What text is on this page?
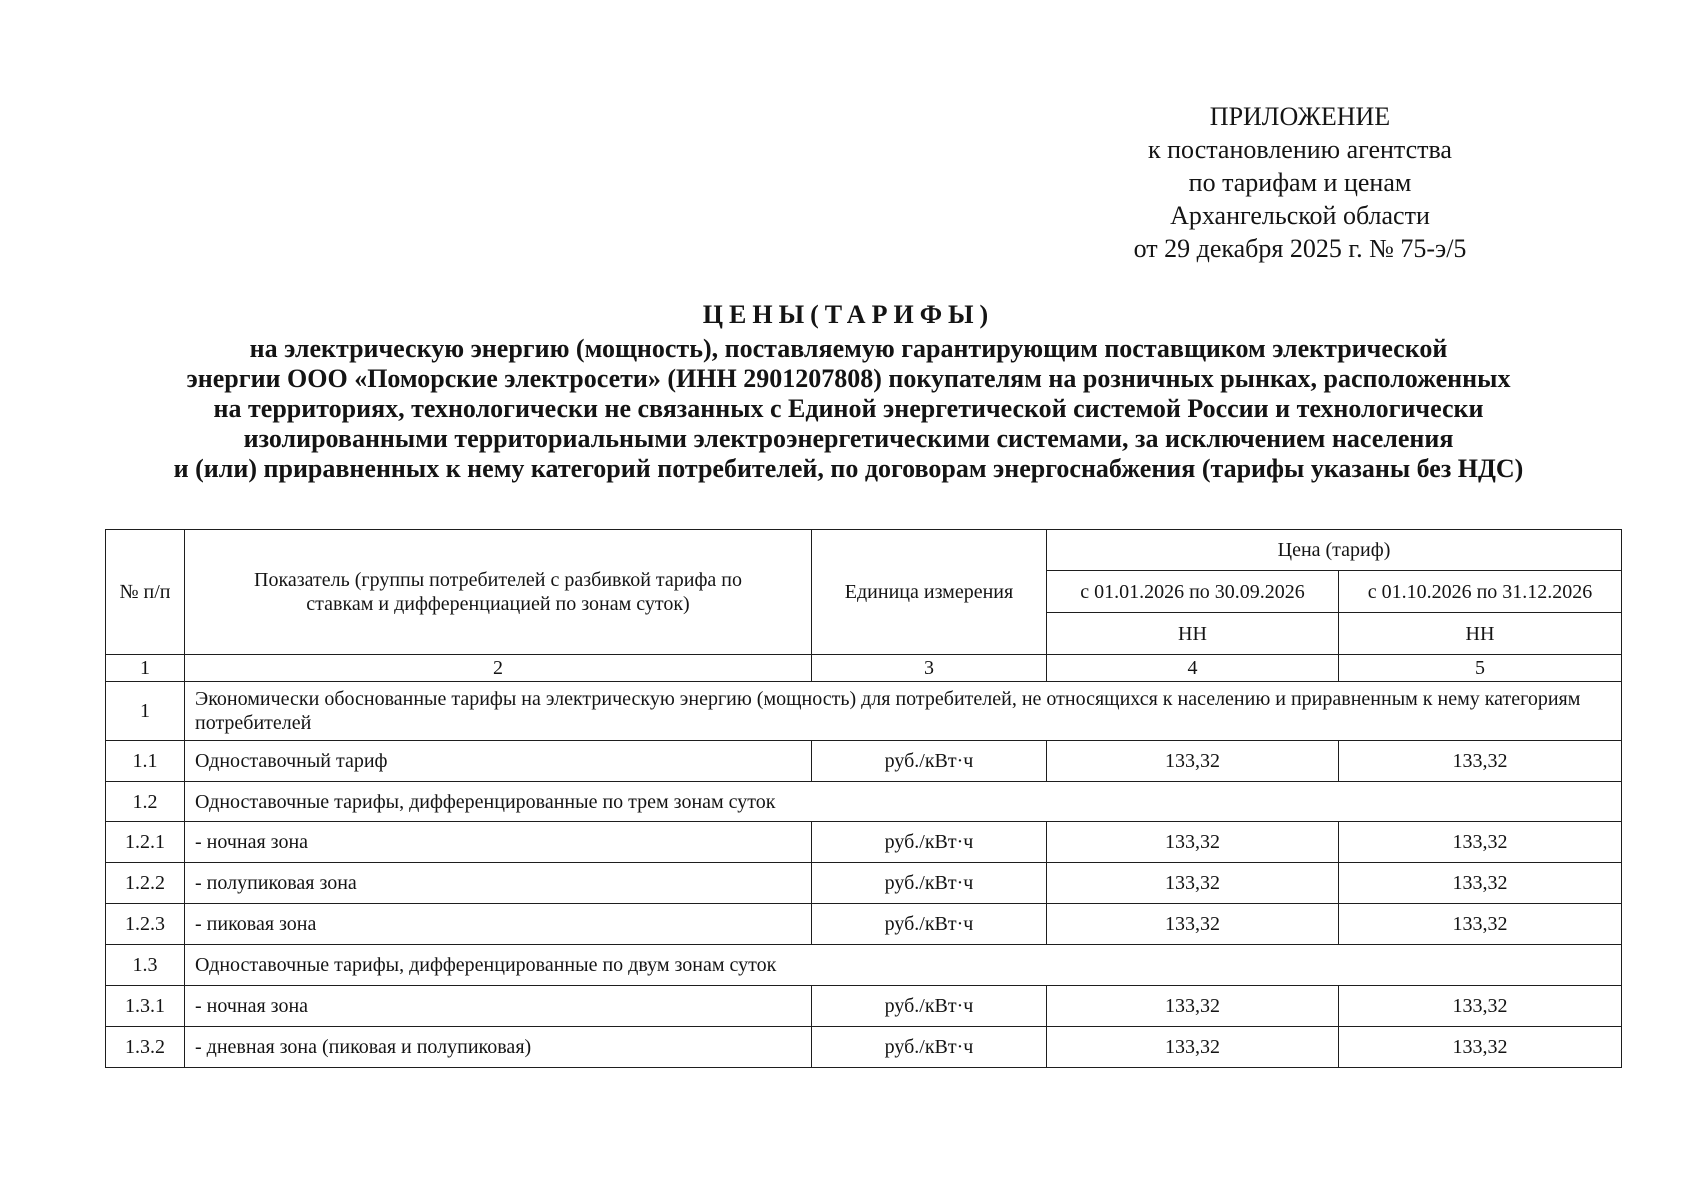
ПРИЛОЖЕНИЕ
к постановлению агентства
по тарифам и ценам
Архангельской области
от 29 декабря 2025 г. № 75-э/5
ЦЕНЫ(ТАРИФЫ)
на электрическую энергию (мощность), поставляемую гарантирующим поставщиком электрической
энергии ООО «Поморские электросети» (ИНН 2901207808) покупателям на розничных рынках, расположенных
на территориях, технологически не связанных с Единой энергетической системой России и технологически
изолированными территориальными электроэнергетическими системами, за исключением населения
и (или) приравненных к нему категорий потребителей, по договорам энергоснабжения (тарифы указаны без НДС)
№ п/п	Показатель (группы потребителей с разбивкой тарифа по ставкам и дифференциацией по зонам суток)	Единица измерения	Цена (тариф)	
			с 01.01.2026 по 30.09.2026	с 01.10.2026 по 31.12.2026
			НН	НН
1	2	3	4	5
1	Экономически обоснованные тарифы на электрическую энергию (мощность) для потребителей, не относящихся к населению и приравненным к нему категориям потребителей			
1.1	Одноставочный тариф	руб./кВт·ч	133,32	133,32
1.2	Одноставочные тарифы, дифференцированные по трем зонам суток			
1.2.1	- ночная зона	руб./кВт·ч	133,32	133,32
1.2.2	- полупиковая зона	руб./кВт·ч	133,32	133,32
1.2.3	- пиковая зона	руб./кВт·ч	133,32	133,32
1.3	Одноставочные тарифы, дифференцированные по двум зонам суток			
1.3.1	- ночная зона	руб./кВт·ч	133,32	133,32
1.3.2	- дневная зона (пиковая и полупиковая)	руб./кВт·ч	133,32	133,32
